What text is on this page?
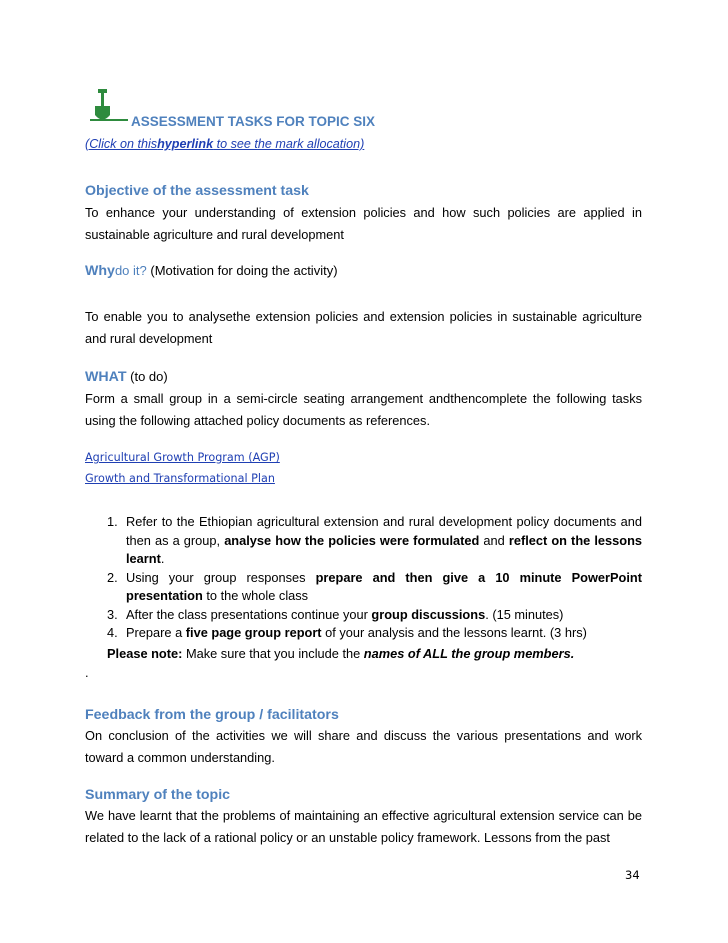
ASSESSMENT TASKS FOR TOPIC SIX
(Click on thishyperlink to see the mark allocation)
Objective of the assessment task
To enhance your understanding of extension policies and how such policies are applied in sustainable agriculture and rural development
Whydo it? (Motivation for doing the activity)
To enable you to analysethe extension policies and extension policies in sustainable agriculture and rural development
WHAT (to do)
Form a small group in a semi-circle seating arrangement andthencomplete the following tasks using the following attached policy documents as references.
Agricultural Growth Program (AGP)
Growth and Transformational Plan
1. Refer to the Ethiopian agricultural extension and rural development policy documents and then as a group, analyse how the policies were formulated and reflect on the lessons learnt.
2. Using your group responses prepare and then give a 10 minute PowerPoint presentation to the whole class
3. After the class presentations continue your group discussions. (15 minutes)
4. Prepare a five page group report of your analysis and the lessons learnt. (3 hrs)
Please note: Make sure that you include the names of ALL the group members.
.
Feedback from the group / facilitators
On conclusion of the activities we will share and discuss the various presentations and work toward a common understanding.
Summary of the topic
We have learnt that the problems of maintaining an effective agricultural extension service can be related to the lack of a rational policy or an unstable policy framework. Lessons from the past
34
